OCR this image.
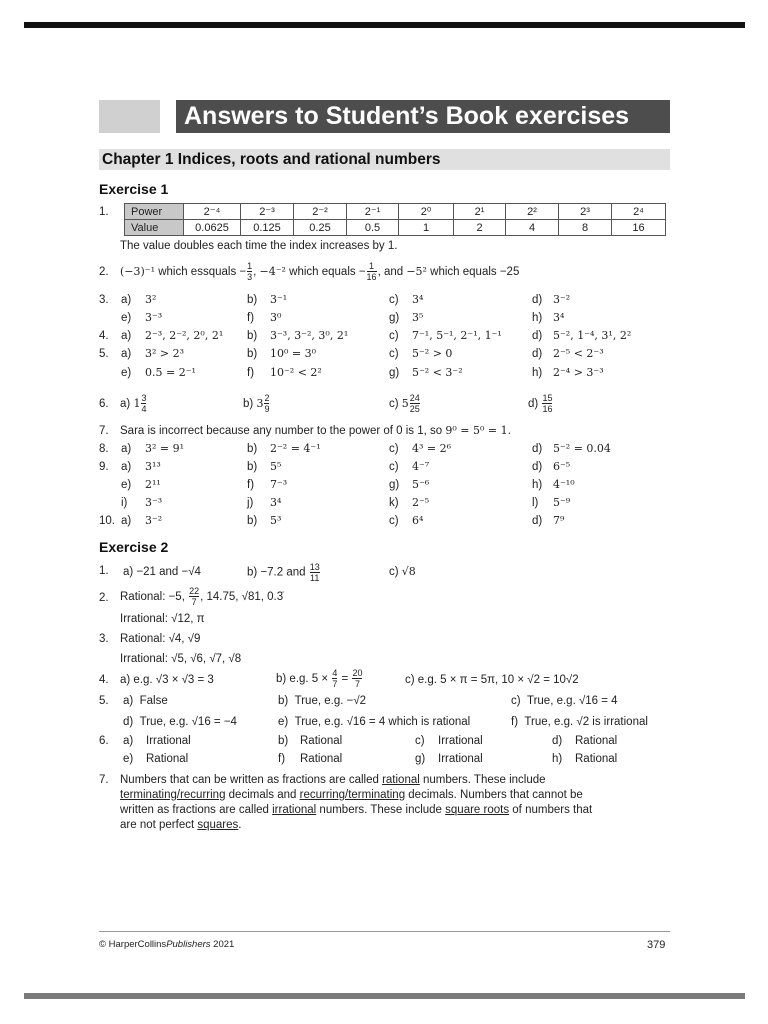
Answers to Student’s Book exercises
Chapter 1 Indices, roots and rational numbers
Exercise 1
1. Power	2⁻⁴	2⁻³	2⁻²	2⁻¹	2⁰	2¹	2²	2³	2⁴
Value	0.0625	0.125	0.25	0.5	1	2	4	8	16
The value doubles each time the index increases by 1.
2. (−3)⁻¹ which essquals − $\frac{1}{3}$ , −4⁻² which equals − $\frac{1}{16}$ , and −5² which equals −25
3. a) 3²	b) 3⁻¹	c) 3⁴	d) 3⁻²
e) 3⁻³	f) 3⁰	g) 3⁵	h) 3⁴
4. a) 2⁻³, 2⁻², 2⁰, 2¹ b) 3⁻³, 3⁻², 3⁰, 2¹	c) 7⁻¹, 5⁻¹, 2⁻¹, 1⁻¹	d) 5⁻², 1⁻⁴, 3¹, 2²
5. a) 3² > 2³	b) 10⁰ = 3⁰	c) 5⁻² > 0	d) 2⁻⁵ < 2⁻³
e) 0.5 = 2⁻¹	f) 10⁻² < 2²	g) 5⁻² < 3⁻²	h) 2⁻⁴ > 3⁻³
6. a) $1 \frac{3}{4}$	b) $3 \frac{2}{9}$	c) $5 \frac{24}{25}$	$d) \frac{15}{16}$
7. Sara is incorrect because any number to the power of 0 is 1, so 9⁰ = 5⁰ = 1.
8. a) 3² = 9¹	b) 2⁻² = 4⁻¹	c) 4³ = 2⁶	d) 5⁻² = 0.04
9. a) 3¹³	b) 5⁵	c) 4⁻⁷	d) 6⁻⁵
e) 2¹¹	f) 7⁻³	g) 5⁻⁶	h) 4⁻¹⁰
i) 3⁻³	j) 3⁴	k) 2⁻⁵	l) 5⁻⁹
10. a) 3⁻²	b) 5³	c) 6⁴	d) 7⁹
Exercise 2
1. a) −21 and −√4	b) −7.2 and $\frac{13}{11}$	c) √8
2. Rational: −5, $\frac{22}{7}$ , 14.75, √81, 0.3̇
Irrational: √12, π
3. Rational: √4, √9
Irrational: √5, √6, √7, √8
4. a) e.g. √3 × √3 = 3	b) e.g. $5 \times \frac{4}{7} = \frac{20}{7}$	c) e.g. 5 × π = 5π, 10 × √2 = 10√2
5. a) False	b) True, e.g. −√2	c) True, e.g. √16 = 4
d) True, e.g. √16 = −4	e) True, e.g. √16 = 4 which is rational	f) True, e.g. √2 is irrational
6. a) Irrational	b) Rational	c) Irrational	d) Rational
e) Rational	f) Rational	g) Irrational	h) Rational
7. Numbers that can be written as fractions are called rational numbers. These include
terminating/recurring decimals and recurring/terminating decimals. Numbers that cannot be
written as fractions are called irrational numbers. These include square roots of numbers that
are not perfect squares.
© HarperCollinsPublishers 2021	379
